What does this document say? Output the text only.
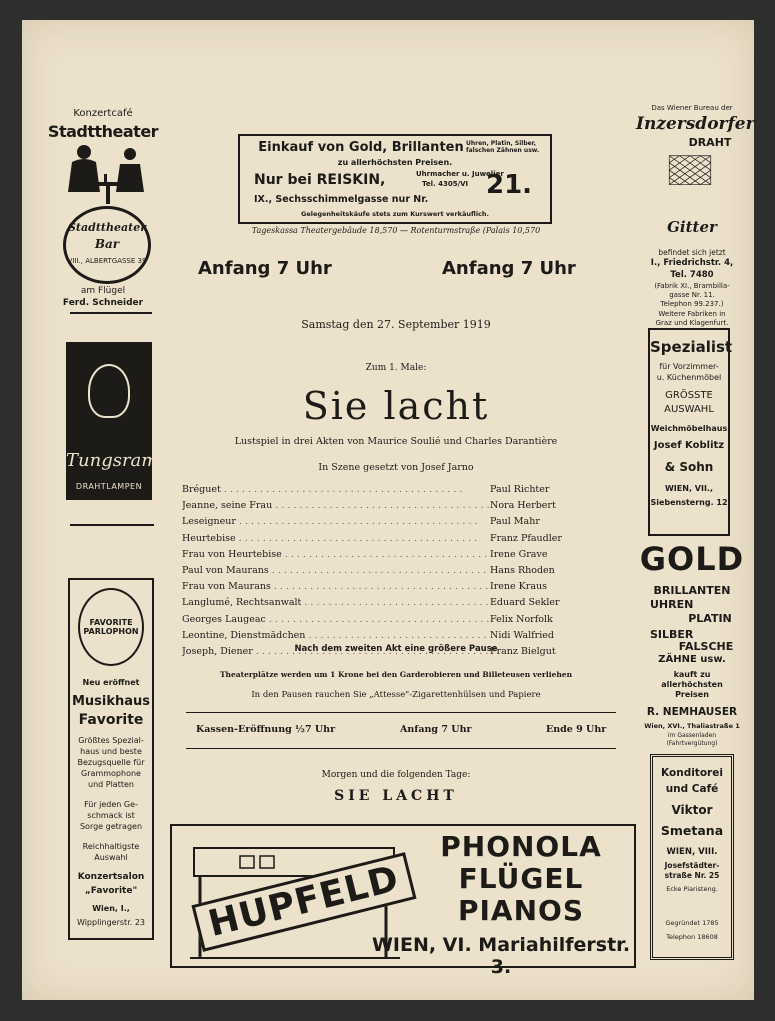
Konzertcafé
Stadttheater
Stadttheater
Bar
VIII., ALBERTGASSE 39
am Flügel
Ferd. Schneider
Tungsram
DRAHTLAMPEN
FAVORITE PARLOPHON
Neu eröffnet
Musikhaus
Favorite
Größtes Spezial-
haus und beste
Bezugsquelle für
Grammophone
und Platten
Für jeden Ge-
schmack ist
Sorge getragen
Reichhaltigste
Auswahl
Konzertsalon
„Favorite"
Wien, I.,
Wipplingerstr. 23
Einkauf von Gold, Brillanten Uhren, Platin, Silber, falschen Zähnen usw.
zu allerhöchsten Preisen.
Nur bei REISKIN,	Uhrmacher u. Juwelier
Tel. 4305/VI
IX., Sechsschimmelgasse nur Nr. 21.
Gelegenheitskäufe stets zum Kurswert verkäuflich.
Tageskassa Theatergebäude 18,570 — Rotenturmstraße (Palais 10,570
Anfang 7 Uhr	Anfang 7 Uhr
Samstag den 27. September 1919
Zum 1. Male:
Sie lacht
Lustspiel in drei Akten von Maurice Soulié und Charles Darantière
In Szene gesetzt von Josef Jarno
Bréguet . . .	Paul Richter
Jeanne, seine Frau . . .	Nora Herbert
Leseigneur . . .	Paul Mahr
Heurtebise . . .	Franz Pfaudler
Frau von Heurtebise . . .	Irene Grave
Paul von Maurans . . .	Hans Rhoden
Frau von Maurans . . .	Irene Kraus
Langlumé, Rechtsanwalt . . .	Eduard Sekler
Georges Laugeac . . .	Felix Norfolk
Leontine, Dienstmädchen . . .	Nidi Walfried
Joseph, Diener . . .	Franz Bielgut
Nach dem zweiten Akt eine größere Pause
Theaterplätze werden um 1 Krone bei den Garderobieren und Billeteusen verliehen
In den Pausen rauchen Sie „Attesse"-Zigarettenhülsen und Papiere
Kassen-Eröffnung ½7 Uhr	Anfang 7 Uhr	Ende 9 Uhr
Morgen und die folgenden Tage:
SIE LACHT
HUPFELD
PHONOLA
FLÜGEL
PIANOS
WIEN, VI. Mariahilferstr. 3.
Das Wiener Bureau der
Inzersdorfer
DRAHT
Gitter
befindet sich jetzt
I., Friedrichstr. 4,
Tel. 7480
(Fabrik XI., Brambilla-
gasse Nr. 11.
Telephon 99.237.)
Weitere Fabriken in
Graz und Klagenfurt.
Spezialist
für Vorzimmer-
u. Küchenmöbel
GRÖSSTE
AUSWAHL
Weichmöbelhaus
Josef Koblitz
& Sohn
WIEN, VII.,
Siebensterng. 12
GOLD
BRILLANTEN
UHREN
PLATIN
SILBER
FALSCHE
ZÄHNE usw.
kauft zu
allerhöchsten
Preisen
R. NEMHAUSER
Wien, XVI., Thaliastraße 1
im Gassenladen
(Fahrtvergütung)
Konditorei
und Café
Viktor
Smetana
WIEN, VIII.
Josefstädter-
straße Nr. 25
Ecke Piaristeng.
Gegründet 1785
Telephon 18608
